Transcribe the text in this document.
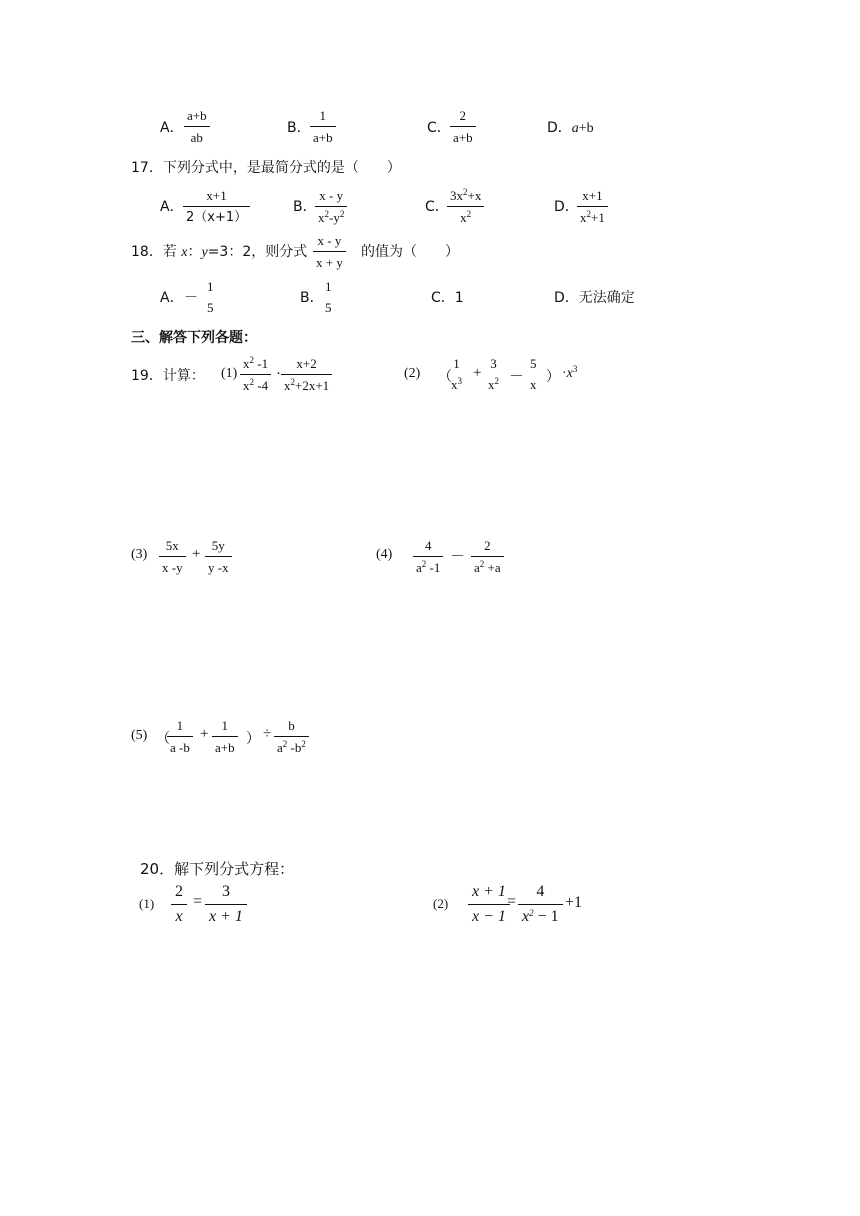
A． $\frac{a+b}{ab}$	B． $\frac{1}{a+b}$	C． $\frac{2}{a+b}$	D．a+b
17．下列分式中，是最简分式的是（　　）
A． $\frac{x+1}{2(x+1)}$	B．
$\frac{x - y}{x^2-y^2}$	C．
$\frac{3x^2+x}{x^2}$	D．
$\frac{x+1}{x^2+1}$
18．若 x：y=3：2，则分式 $\frac{x - y}{x + y}$ 的值为（　　）
A． －
1
5
B．
1
5
C．1	D．无法确定
三、解答下列各题：
19．计算： $(1) \frac{x^2 -1}{x^2 -4} \cdot \frac{x+2}{x^2+2x+1}$	(2) （
1
$x^3$ +
3
$x^2$ －
5
x ） $\cdot x^3$
$(3) \frac{5x}{x -y} + \frac{5y}{y -x}$	$(4) \frac{4}{a^2 -1} - \frac{2}{a^2 +a}$
(5) （
$\frac{1}{a -b} + \frac{1}{a+b}$ ） ÷ $\frac{b}{a^2 -b^2}$
20．解下列分式方程：
$(1) \frac{2}{x} = \frac{3}{x + 1}$	$(2) \frac{x + 1}{x - 1}$
= $\frac{4}{x^2 - 1} +1$
